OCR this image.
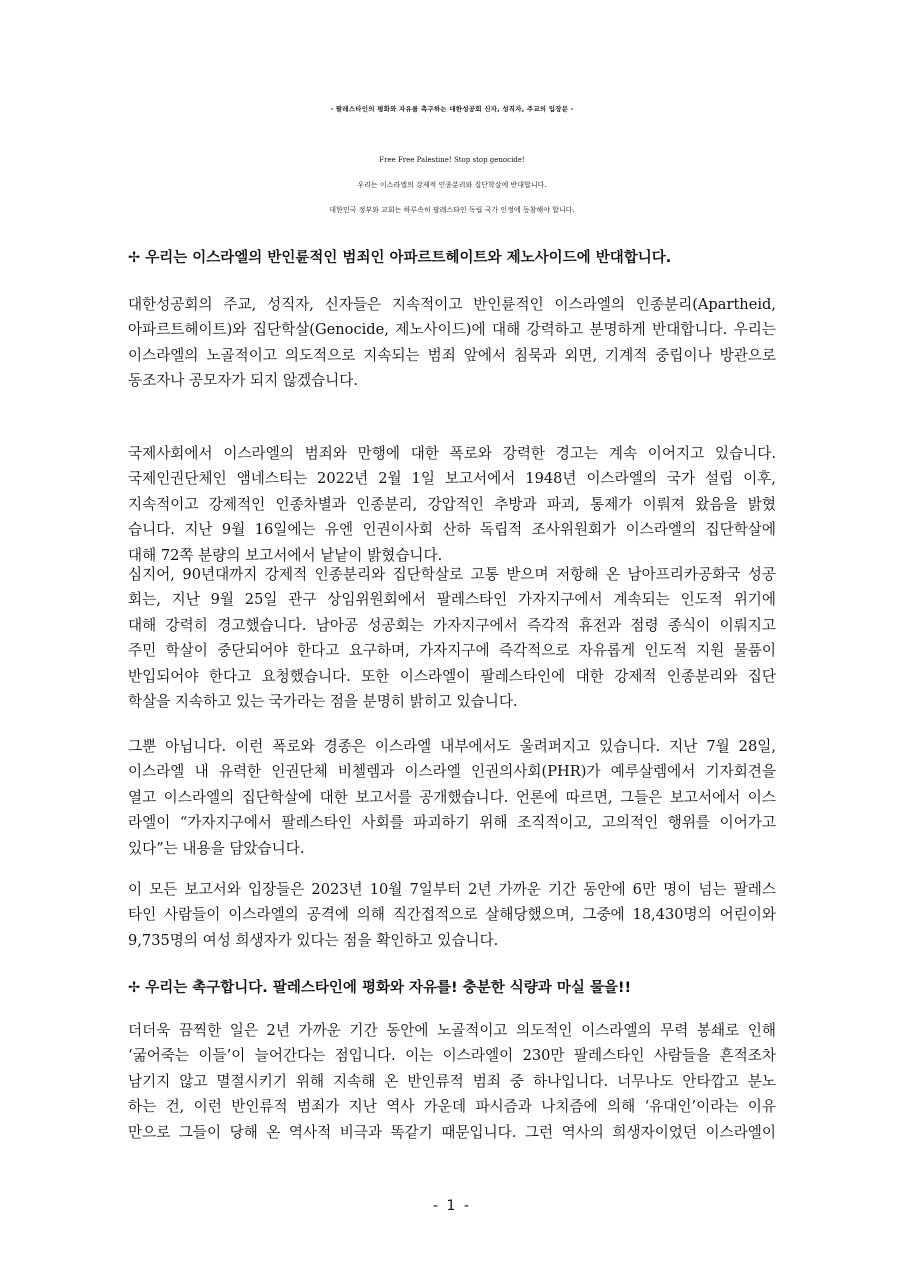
- 팔레스타인의 평화와 자유를 촉구하는 대한성공회 신자, 성직자, 주교의 입장문 -
Free Free Palestine! Stop stop genocide!
우리는 이스라엘의 강제적 인종분리와 집단학살에 반대합니다.
대한민국 정부와 교회는 하루속히 팔레스타인 독립 국가 인정에 동참해야 합니다.
✢ 우리는 이스라엘의 반인륜적인 범죄인 아파르트헤이트와 제노사이드에 반대합니다.
대한성공회의 주교, 성직자, 신자들은 지속적이고 반인륜적인 이스라엘의 인종분리(Apartheid,
아파르트헤이트)와 집단학살(Genocide, 제노사이드)에 대해 강력하고 분명하게 반대합니다. 우리는
이스라엘의 노골적이고 의도적으로 지속되는 범죄 앞에서 침묵과 외면, 기계적 중립이나 방관으로
동조자나 공모자가 되지 않겠습니다.
국제사회에서 이스라엘의 범죄와 만행에 대한 폭로와 강력한 경고는 계속 이어지고 있습니다.
국제인권단체인 앰네스티는 2022년 2월 1일 보고서에서 1948년 이스라엘의 국가 설립 이후,
지속적이고 강제적인 인종차별과 인종분리, 강압적인 추방과 파괴, 통제가 이뤄져 왔음을 밝혔
습니다. 지난 9월 16일에는 유엔 인권이사회 산하 독립적 조사위원회가 이스라엘의 집단학살에
대해 72쪽 분량의 보고서에서 낱낱이 밝혔습니다.
심지어, 90년대까지 강제적 인종분리와 집단학살로 고통 받으며 저항해 온 남아프리카공화국 성공
회는, 지난 9월 25일 관구 상임위원회에서 팔레스타인 가자지구에서 계속되는 인도적 위기에
대해 강력히 경고했습니다. 남아공 성공회는 가자지구에서 즉각적 휴전과 점령 종식이 이뤄지고
주민 학살이 중단되어야 한다고 요구하며, 가자지구에 즉각적으로 자유롭게 인도적 지원 물품이
반입되어야 한다고 요청했습니다. 또한 이스라엘이 팔레스타인에 대한 강제적 인종분리와 집단
학살을 지속하고 있는 국가라는 점을 분명히 밝히고 있습니다.
그뿐 아닙니다. 이런 폭로와 경종은 이스라엘 내부에서도 울려퍼지고 있습니다. 지난 7월 28일,
이스라엘 내 유력한 인권단체 비첼렘과 이스라엘 인권의사회(PHR)가 예루살렘에서 기자회견을
열고 이스라엘의 집단학살에 대한 보고서를 공개했습니다. 언론에 따르면, 그들은 보고서에서 이스
라엘이 “가자지구에서 팔레스타인 사회를 파괴하기 위해 조직적이고, 고의적인 행위를 이어가고
있다”는 내용을 담았습니다.
이 모든 보고서와 입장들은 2023년 10월 7일부터 2년 가까운 기간 동안에 6만 명이 넘는 팔레스
타인 사람들이 이스라엘의 공격에 의해 직간접적으로 살해당했으며, 그중에 18,430명의 어린이와
9,735명의 여성 희생자가 있다는 점을 확인하고 있습니다.
✢ 우리는 촉구합니다. 팔레스타인에 평화와 자유를! 충분한 식량과 마실 물을!!
더더욱 끔찍한 일은 2년 가까운 기간 동안에 노골적이고 의도적인 이스라엘의 무력 봉쇄로 인해
‘굶어죽는 이들’이 늘어간다는 점입니다. 이는 이스라엘이 230만 팔레스타인 사람들을 흔적조차
남기지 않고 멸절시키기 위해 지속해 온 반인류적 범죄 중 하나입니다. 너무나도 안타깝고 분노
하는 건, 이런 반인류적 범죄가 지난 역사 가운데 파시즘과 나치즘에 의해 ‘유대인’이라는 이유
만으로 그들이 당해 온 역사적 비극과 똑같기 때문입니다. 그런 역사의 희생자이었던 이스라엘이
- 1 -
